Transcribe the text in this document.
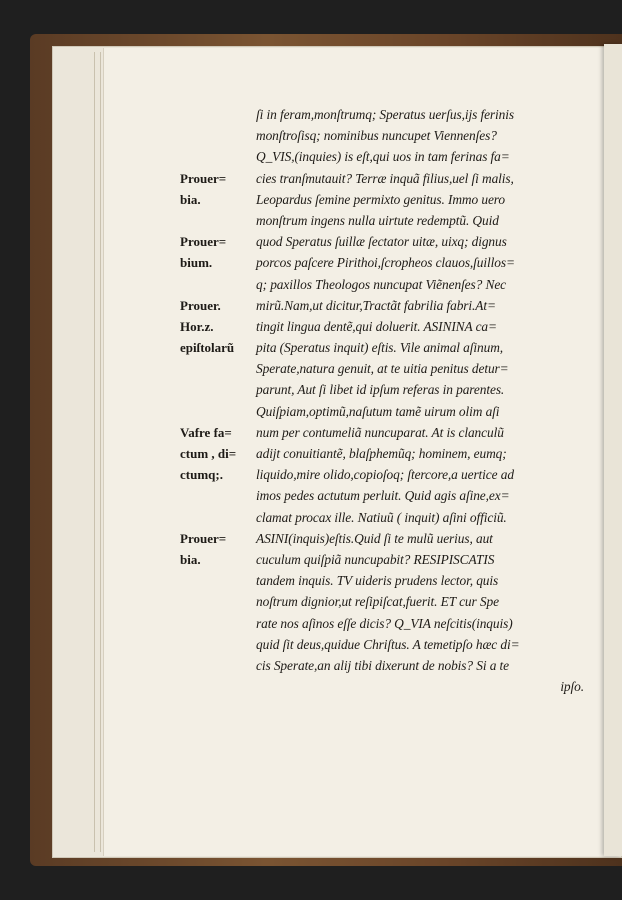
Prouer=
bia.
Prouer=
bium.
Prouer.
Hor.z.
epiſtolarũ
Vafre fa=
ctum , di=
ctumq;.
Prouer=
bia.
ſi in feram,monſtrumq; Speratus uerſus,ijs ferinis
monſtroſisq; nominibus nuncupet Viennenſes?
Q_VIS,(inquies) is eſt,qui uos in tam ferinas fa=
cies tranſmutauit? Terræ inquã filius,uel ſi malis,
Leopardus ſemine permixto genitus. Immo uero
monſtrum ingens nulla uirtute redemptũ. Quid
quod Speratus ſuillæ ſectator uitæ, uixq; dignus
porcos paſcere Pirithoi,ſcropheos clauos,ſuillos=
q; paxillos Theologos nuncupat Viẽnenſes? Nec
mirũ.Nam,ut dicitur,Tractãt fabrilia fabri.At=
tingit lingua dentẽ,qui doluerit. ASININA ca=
pita (Speratus inquit) eſtis. Vile animal aſinum,
Sperate,natura genuit, at te uitia penitus detur=
parunt, Aut ſi libet id ipſum referas in parentes.
Quiſpiam,optimũ,naſutum tamẽ uirum olim aſi
num per contumeliã nuncuparat. At is clanculũ
adijt conuitiantẽ, blaſphemũq; hominem, eumq;
liquido,mire olido,copioſoq; ſtercore,a uertice ad
imos pedes actutum perluit. Quid agis aſine,ex=
clamat procax ille. Natiuũ ( inquit) aſini officiũ.
ASINI(inquis)eſtis.Quid ſi te mulũ uerius, aut
cuculum quiſpiã nuncupabit? RESIPISCATIS
tandem inquis. TV uideris prudens lector, quis
noſtrum dignior,ut reſipiſcat,fuerit. ET cur Spe
rate nos aſinos eſſe dicis? Q_VIA neſcitis(inquis)
quid ſit deus,quidue Chriſtus. A temetipſo hæc di=
cis Sperate,an alij tibi dixerunt de nobis? Si a te
ipſo.
